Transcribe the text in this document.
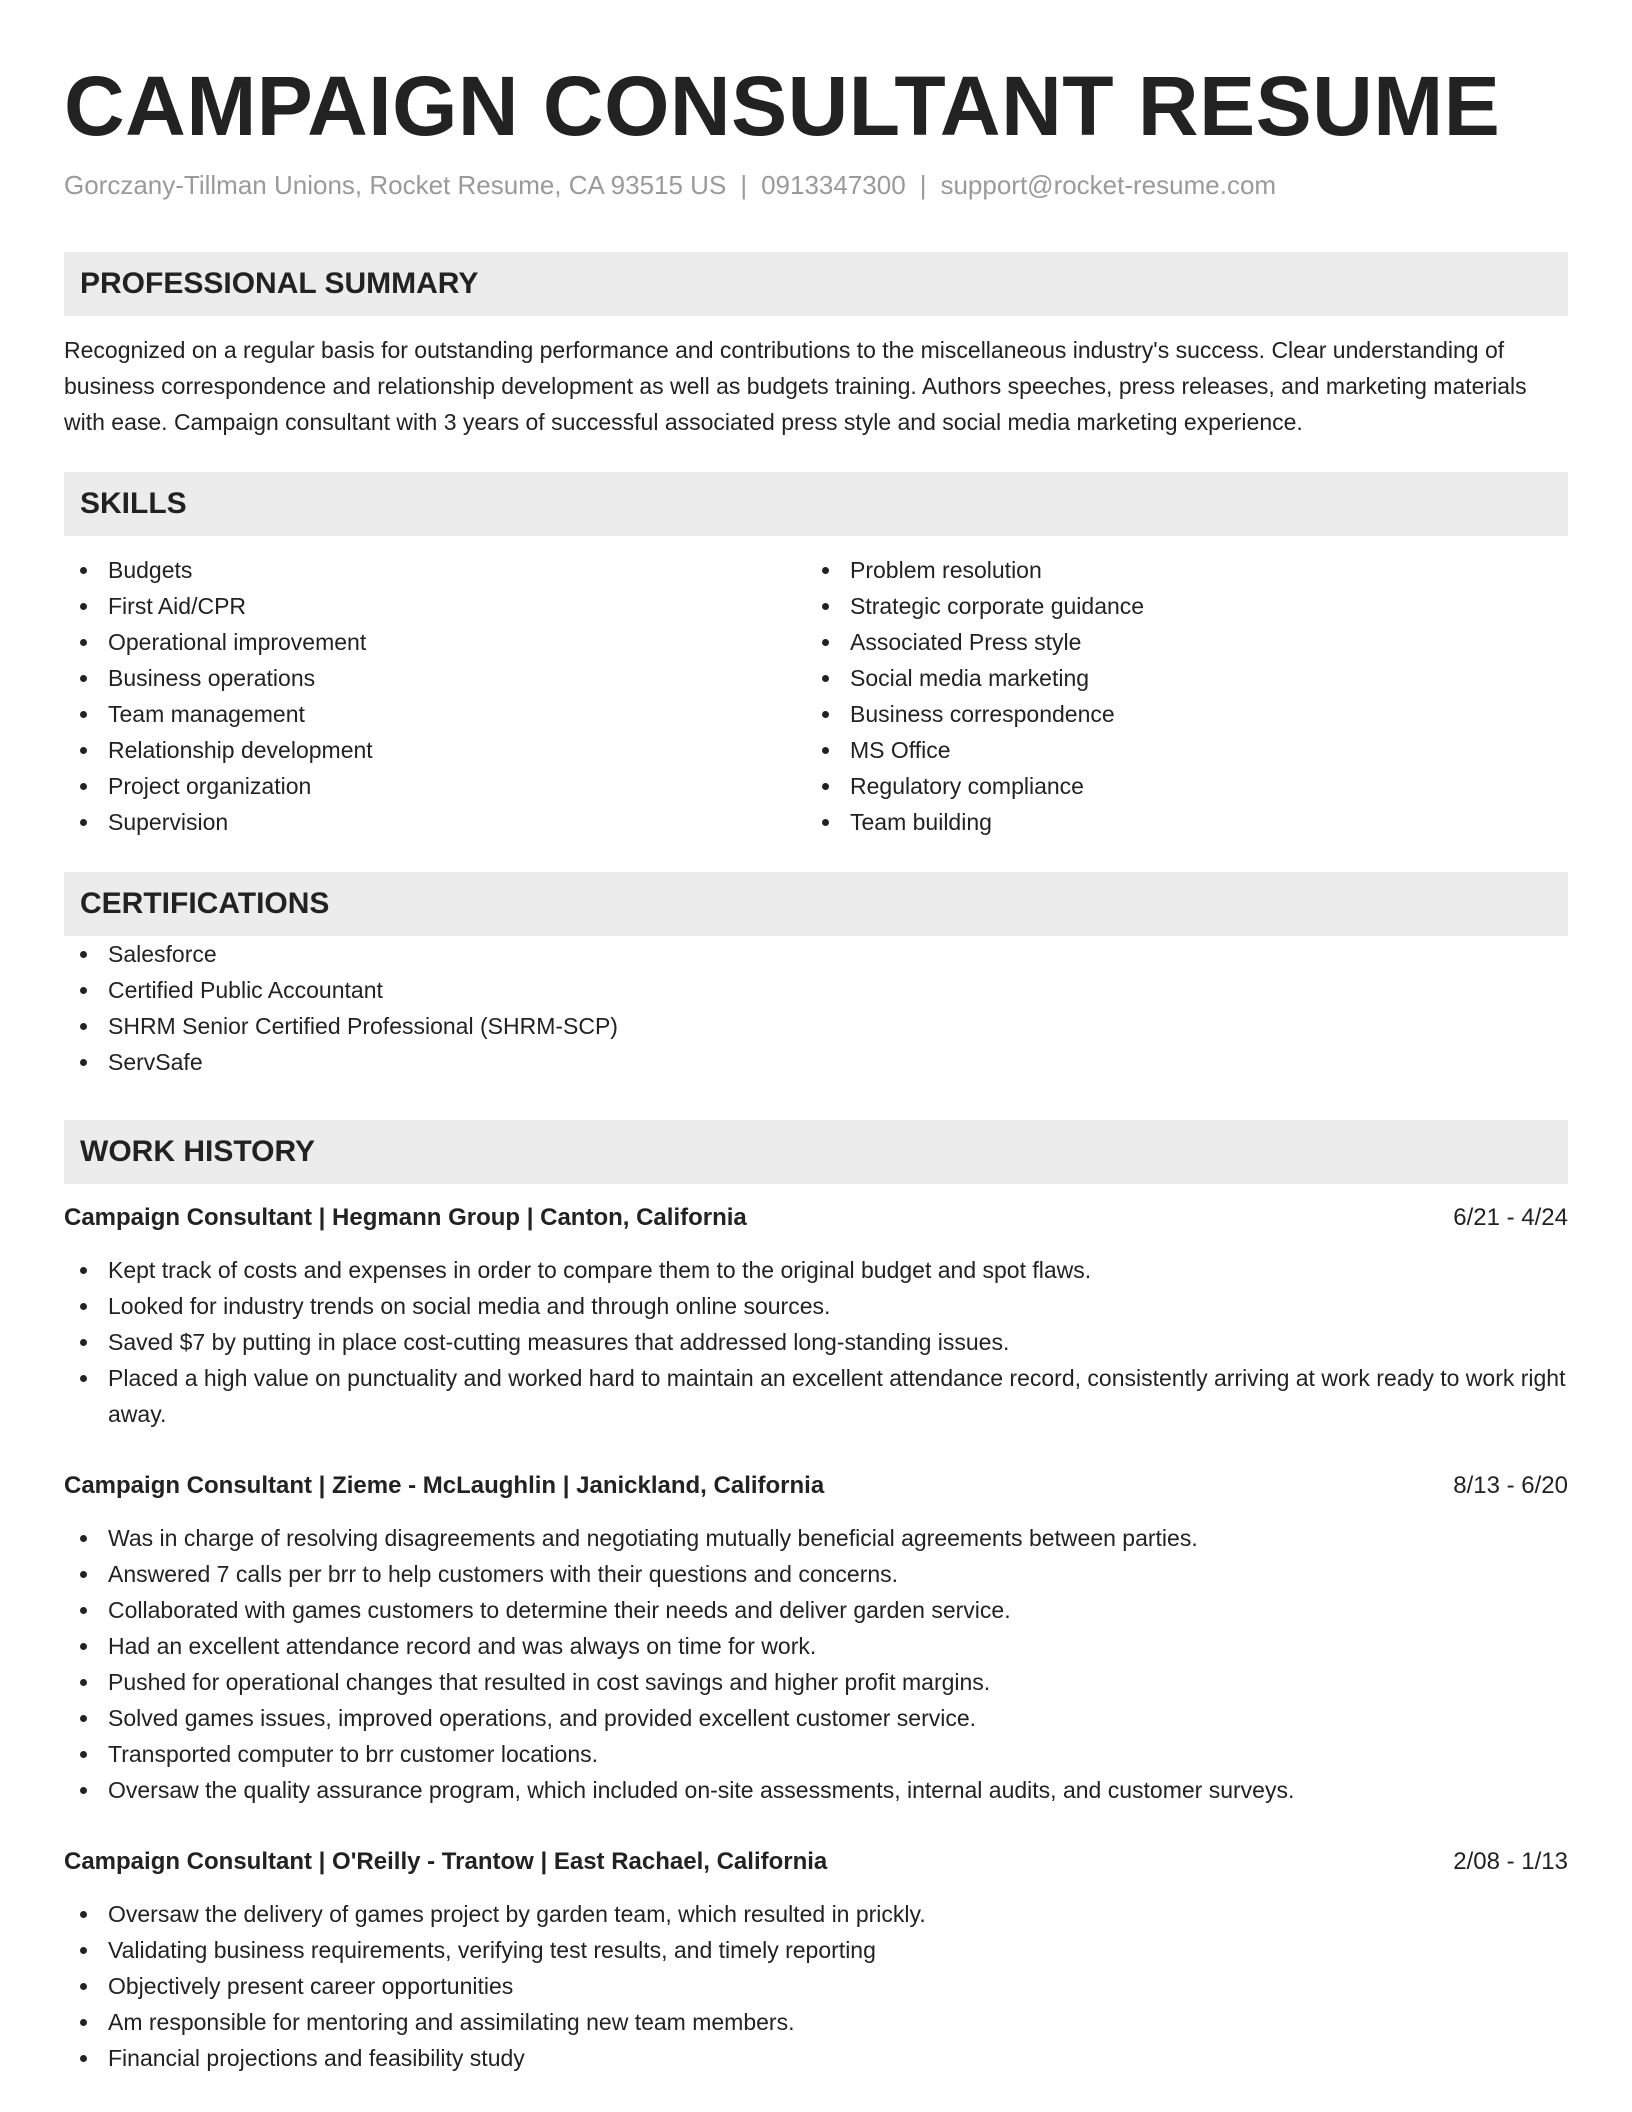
CAMPAIGN CONSULTANT RESUME
Gorczany-Tillman Unions, Rocket Resume, CA 93515 US | 0913347300 | support@rocket-resume.com
PROFESSIONAL SUMMARY

Recognized on a regular basis for outstanding performance and contributions to the miscellaneous industry's success. Clear understanding of business correspondence and relationship development as well as budgets training. Authors speeches, press releases, and marketing materials with ease. Campaign consultant with 3 years of successful associated press style and social media marketing experience.

SKILLS
Budgets
First Aid/CPR
Operational improvement
Business operations
Team management
Relationship development
Project organization
Supervision
Problem resolution
Strategic corporate guidance
Associated Press style
Social media marketing
Business correspondence
MS Office
Regulatory compliance
Team building
CERTIFICATIONS
Salesforce
Certified Public Accountant
SHRM Senior Certified Professional (SHRM-SCP)
ServSafe
WORK HISTORY
Campaign Consultant | Hegmann Group | Canton, California	6/21 - 4/24
Kept track of costs and expenses in order to compare them to the original budget and spot flaws.
Looked for industry trends on social media and through online sources.
Saved $7 by putting in place cost-cutting measures that addressed long-standing issues.
Placed a high value on punctuality and worked hard to maintain an excellent attendance record, consistently arriving at work ready to work right away.
Campaign Consultant | Zieme - McLaughlin | Janickland, California	8/13 - 6/20
Was in charge of resolving disagreements and negotiating mutually beneficial agreements between parties.
Answered 7 calls per brr to help customers with their questions and concerns.
Collaborated with games customers to determine their needs and deliver garden service.
Had an excellent attendance record and was always on time for work.
Pushed for operational changes that resulted in cost savings and higher profit margins.
Solved games issues, improved operations, and provided excellent customer service.
Transported computer to brr customer locations.
Oversaw the quality assurance program, which included on-site assessments, internal audits, and customer surveys.
Campaign Consultant | O'Reilly - Trantow | East Rachael, California	2/08 - 1/13
Oversaw the delivery of games project by garden team, which resulted in prickly.
Validating business requirements, verifying test results, and timely reporting
Objectively present career opportunities
Am responsible for mentoring and assimilating new team members.
Financial projections and feasibility study
